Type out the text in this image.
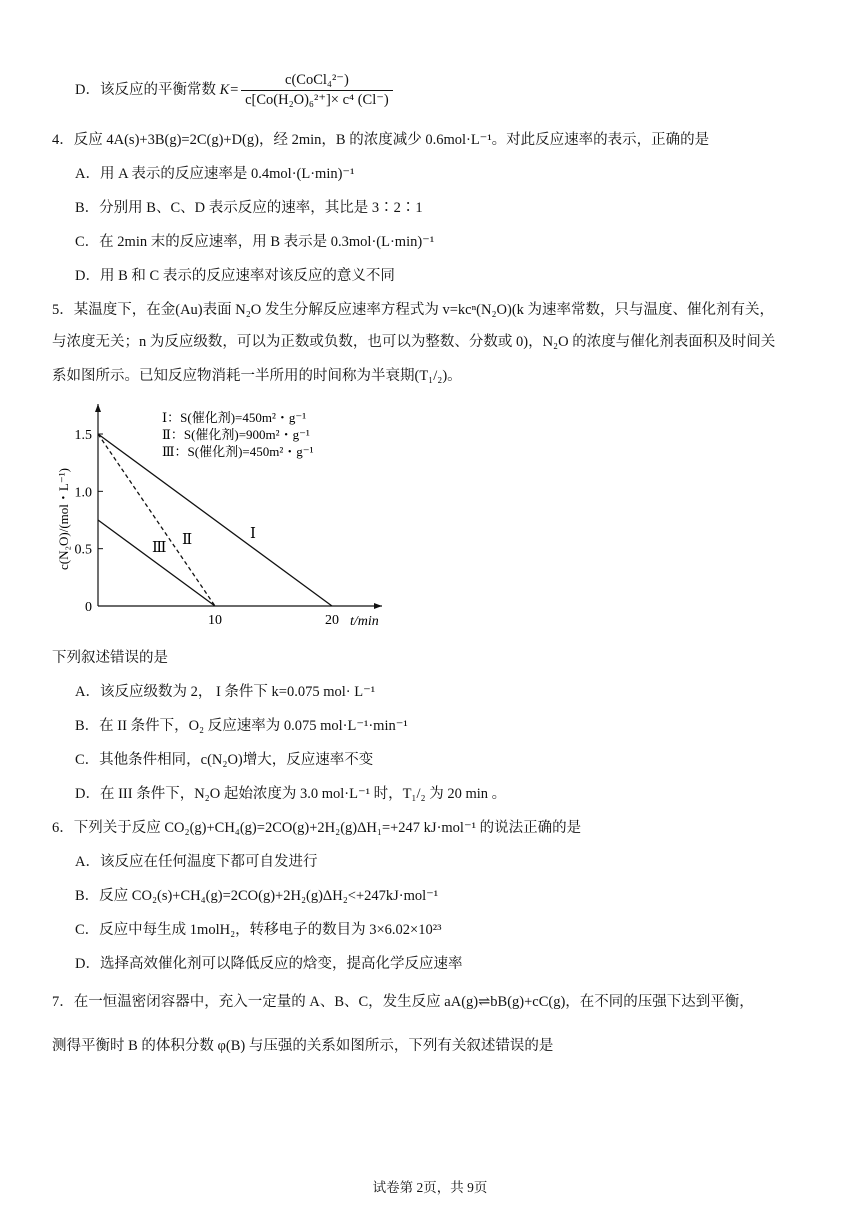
D．该反应的平衡常数 $K= \frac{\text{c(CoCl₄²⁻)}}{\text{c[Co(H₂O)₆²⁺]× c⁴ (Cl⁻)}}$
4．反应 4A(s)+3B(g)=2C(g)+D(g)，经 2min，B 的浓度减少 0.6mol·L⁻¹。对此反应速率的表示，正确的是
A．用 A 表示的反应速率是 0.4mol·(L·min)⁻¹
B．分别用 B、C、D 表示反应的速率，其比是 3∶2∶1
C．在 2min 末的反应速率，用 B 表示是 0.3mol·(L·min)⁻¹
D．用 B 和 C 表示的反应速率对该反应的意义不同
5．某温度下，在金(Au)表面 N₂O 发生分解反应速率方程式为 v=kcⁿ(N₂O)(k 为速率常数，只与温度、催化剂有关，
与浓度无关；n 为反应级数，可以为正数或负数，也可以为整数、分数或 0)，N₂O 的浓度与催化剂表面积及时间关
系如图所示。已知反应物消耗一半所用的时间称为半衰期(T₁/₂)。
0
0.5
1.0
1.5
10	20 t/min
c(N₂O)/(mol・L⁻¹)	Ⅰ
Ⅱ
Ⅲ
Ⅰ：S(催化剂)=450m²・g⁻¹
Ⅱ：S(催化剂)=900m²・g⁻¹
Ⅲ：S(催化剂)=450m²・g⁻¹
下列叙述错误的是
A．该反应级数为 2， I 条件下 k=0.075 mol· L⁻¹
B．在 II 条件下，O₂ 反应速率为 0.075 mol·L⁻¹·min⁻¹
C．其他条件相同，c(N₂O)增大，反应速率不变
D．在 III 条件下，N₂O 起始浓度为 3.0 mol·L⁻¹ 时，T₁/₂ 为 20 min 。
6．下列关于反应 CO₂(g)+CH₄(g)=2CO(g)+2H₂(g)ΔH₁=+247 kJ·mol⁻¹ 的说法正确的是
A．该反应在任何温度下都可自发进行
B．反应 CO₂(s)+CH₄(g)=2CO(g)+2H₂(g)ΔH₂<+247kJ·mol⁻¹
C．反应中每生成 1molH₂，转移电子的数目为 3×6.02×10²³
D．选择高效催化剂可以降低反应的焓变，提高化学反应速率
7．在一恒温密闭容器中，充入一定量的 A、B、C，发生反应 aA(g)⇌bB(g)+cC(g)，在不同的压强下达到平衡，
测得平衡时 B 的体积分数 φ(B) 与压强的关系如图所示，下列有关叙述错误的是
试卷第 2页，共 9页
